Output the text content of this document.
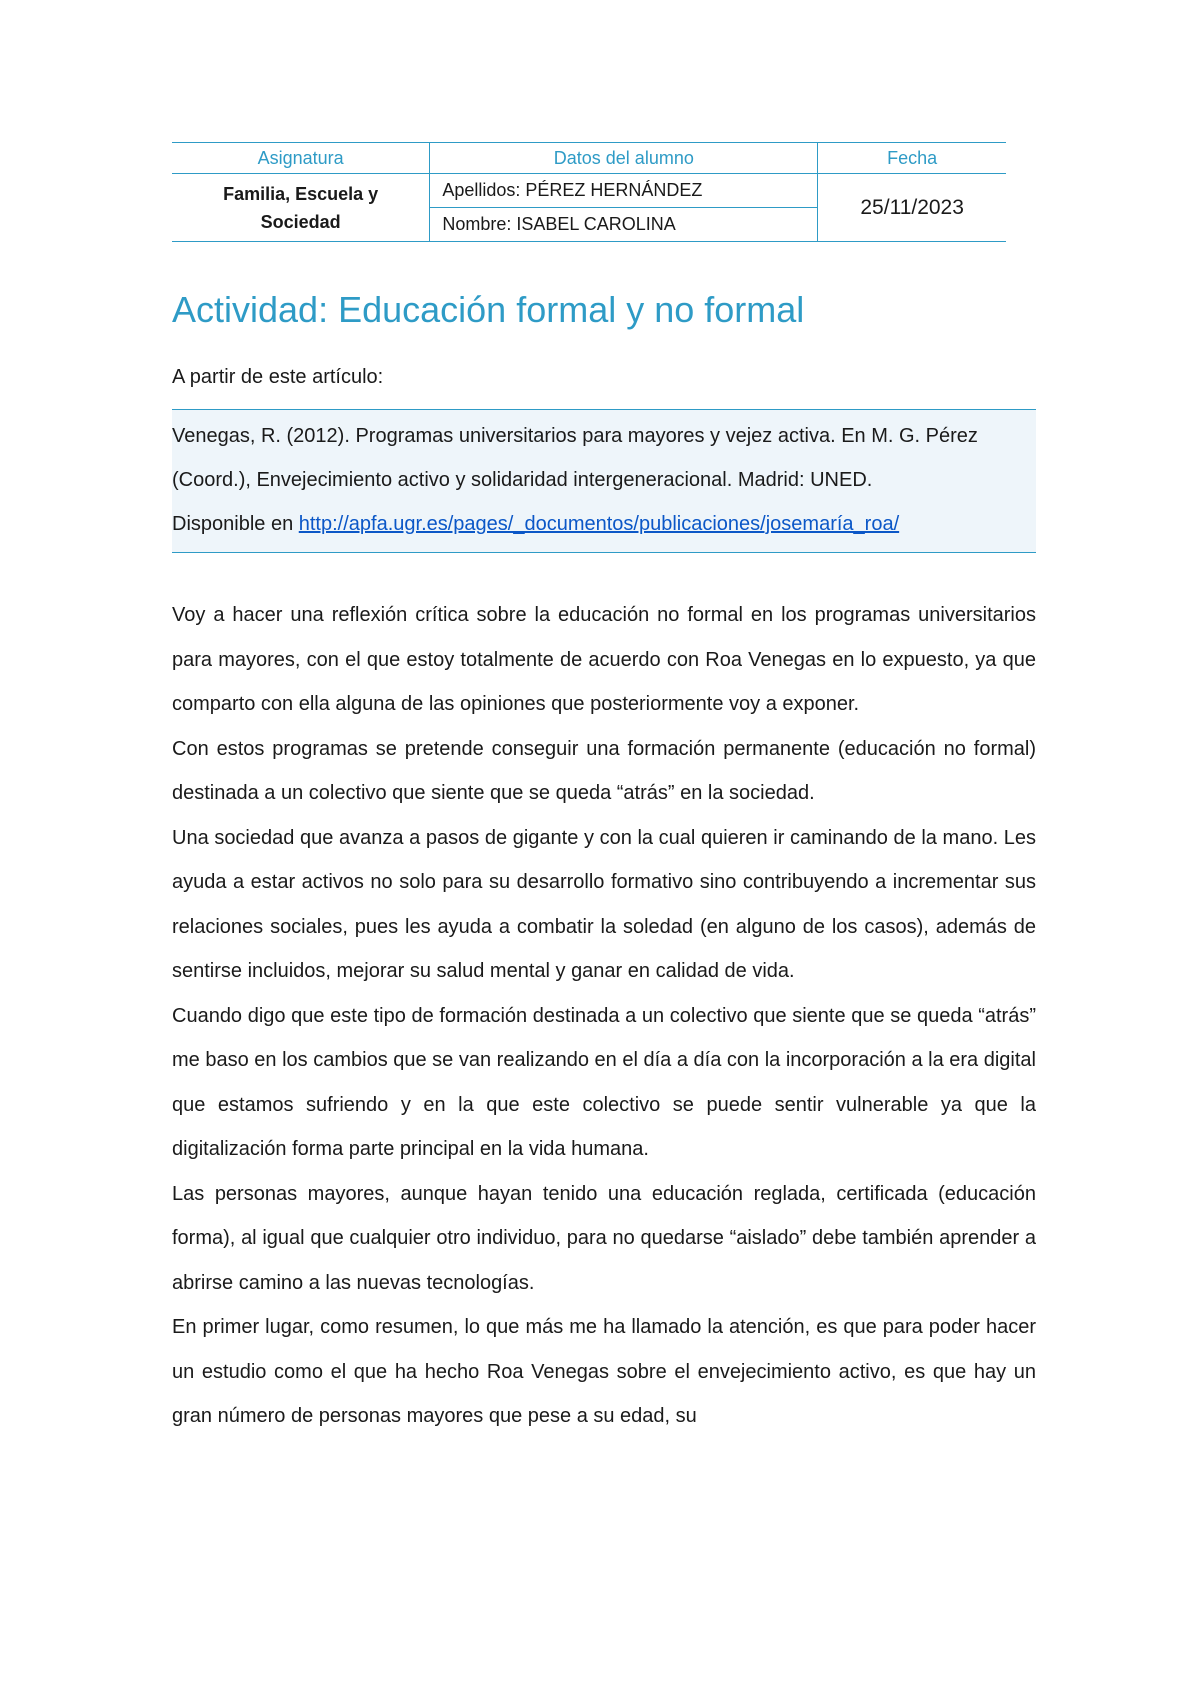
Asignatura	Datos del alumno	Fecha

Familia, Escuela y
Sociedad	Apellidos: PÉREZ HERNÁNDEZ	25/11/2023
	Nombre: ISABEL CAROLINA	
Actividad: Educación formal y no formal

A partir de este artículo:

Venegas, R. (2012). Programas universitarios para mayores y vejez activa. En M. G. Pérez
(Coord.), Envejecimiento activo y solidaridad intergeneracional. Madrid: UNED.
Disponible en http://apfa.ugr.es/pages/_documentos/publicaciones/josemaría_roa/

Voy a hacer una reflexión crítica sobre la educación no formal en los programas universitarios para mayores, con el que estoy totalmente de acuerdo con Roa Venegas en lo expuesto, ya que comparto con ella alguna de las opiniones que posteriormente voy a exponer.

Con estos programas se pretende conseguir una formación permanente (educación no formal) destinada a un colectivo que siente que se queda “atrás” en la sociedad.

Una sociedad que avanza a pasos de gigante y con la cual quieren ir caminando de la mano. Les ayuda a estar activos no solo para su desarrollo formativo sino contribuyendo a incrementar sus relaciones sociales, pues les ayuda a combatir la soledad (en alguno de los casos), además de sentirse incluidos, mejorar su salud mental y ganar en calidad de vida.

Cuando digo que este tipo de formación destinada a un colectivo que siente que se queda “atrás” me baso en los cambios que se van realizando en el día a día con la incorporación a la era digital que estamos sufriendo y en la que este colectivo se puede sentir vulnerable ya que la digitalización forma parte principal en la vida humana.

Las personas mayores, aunque hayan tenido una educación reglada, certificada (educación forma), al igual que cualquier otro individuo, para no quedarse “aislado” debe también aprender a abrirse camino a las nuevas tecnologías.

En primer lugar, como resumen, lo que más me ha llamado la atención, es que para poder hacer un estudio como el que ha hecho Roa Venegas sobre el envejecimiento activo, es que hay un gran número de personas mayores que pese a su edad, su
